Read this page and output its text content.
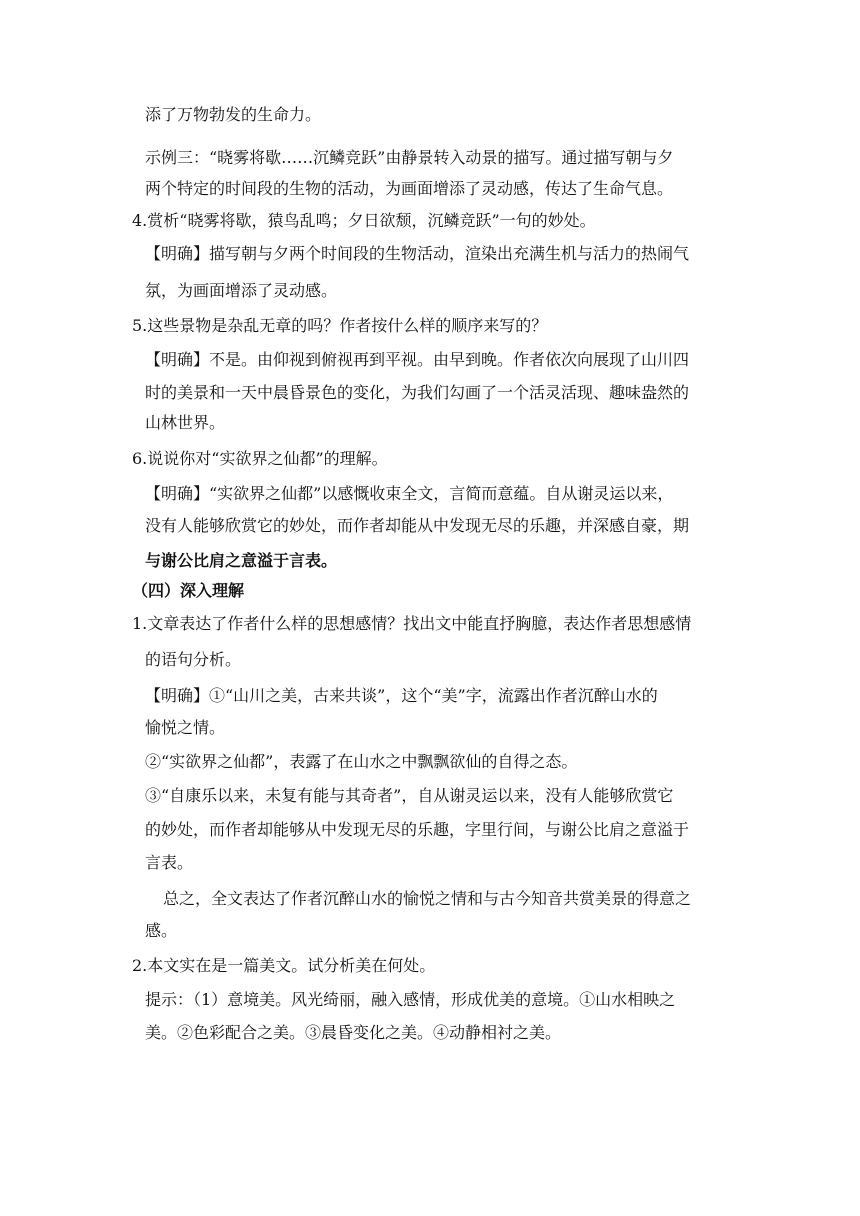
添了万物勃发的生命力。

示例三：“晓雾将歇……沉鳞竞跃”由静景转入动景的描写。通过描写朝与夕

两个特定的时间段的生物的活动，为画面增添了灵动感，传达了生命气息。

4.赏析“晓雾将歇，猿鸟乱鸣；夕日欲颓，沉鳞竞跃”一句的妙处。

【明确】描写朝与夕两个时间段的生物活动，渲染出充满生机与活力的热闹气

氛，为画面增添了灵动感。

5.这些景物是杂乱无章的吗？作者按什么样的顺序来写的？

【明确】不是。由仰视到俯视再到平视。由早到晚。作者依次向展现了山川四

时的美景和一天中晨昏景色的变化，为我们勾画了一个活灵活现、趣味盎然的

山林世界。

6.说说你对“实欲界之仙都”的理解。

【明确】“实欲界之仙都”以感慨收束全文，言简而意蕴。自从谢灵运以来，

没有人能够欣赏它的妙处，而作者却能从中发现无尽的乐趣，并深感自豪，期

与谢公比肩之意溢于言表。

（四）深入理解

1.文章表达了作者什么样的思想感情？找出文中能直抒胸臆，表达作者思想感情

的语句分析。

【明确】①“山川之美，古来共谈”，这个“美”字，流露出作者沉醉山水的

愉悦之情。

②“实欲界之仙都”，表露了在山水之中飘飘欲仙的自得之态。

③“自康乐以来，未复有能与其奇者”，自从谢灵运以来，没有人能够欣赏它

的妙处，而作者却能够从中发现无尽的乐趣，字里行间，与谢公比肩之意溢于

言表。

总之，全文表达了作者沉醉山水的愉悦之情和与古今知音共赏美景的得意之

感。

2.本文实在是一篇美文。试分析美在何处。

提示：（1）意境美。风光绮丽，融入感情，形成优美的意境。①山水相映之

美。②色彩配合之美。③晨昏变化之美。④动静相衬之美。
